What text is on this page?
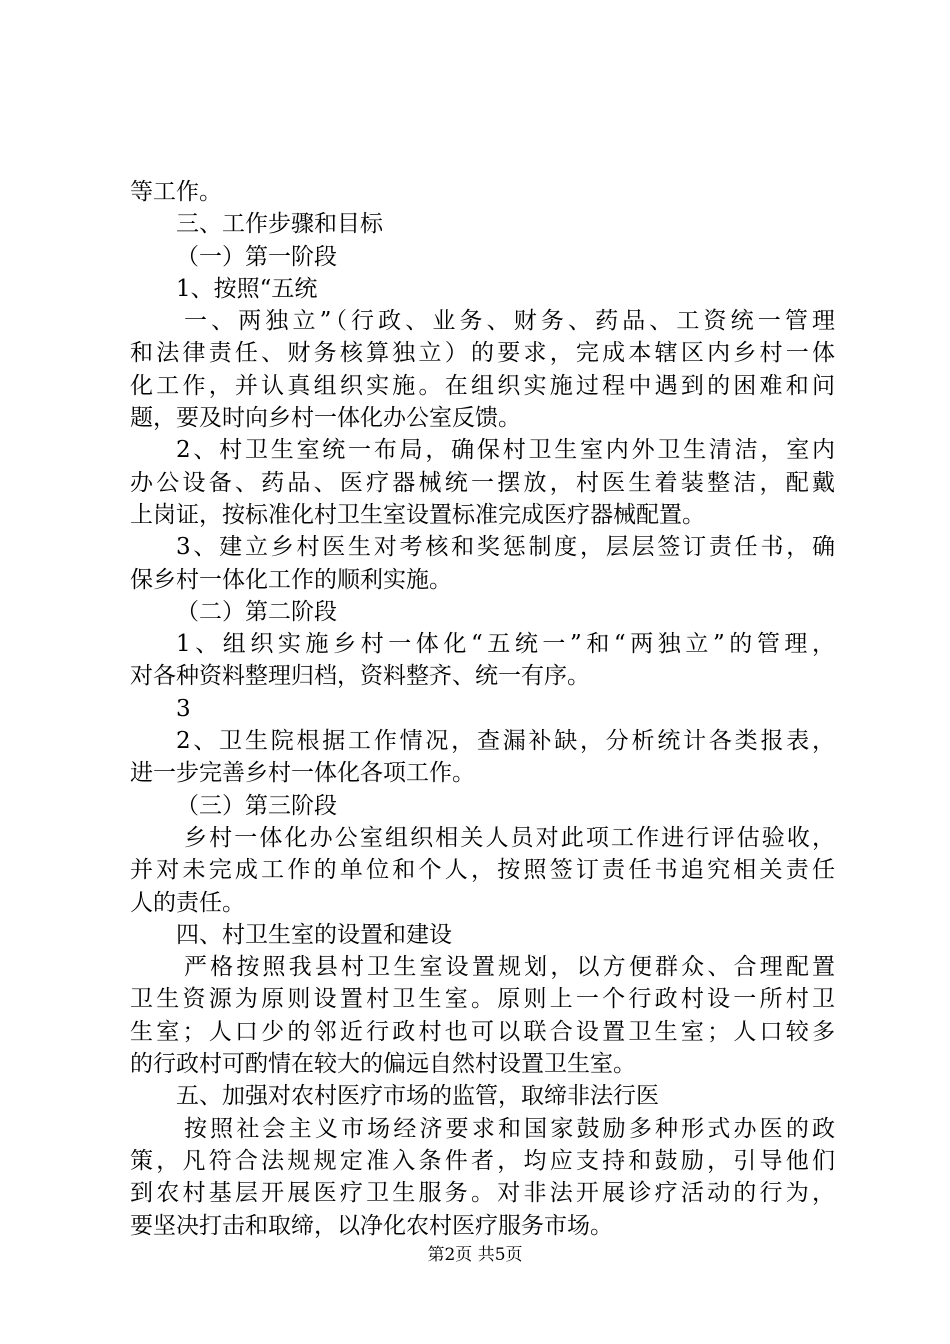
等工作。
三、工作步骤和目标
（一）第一阶段
1、按照“五统
一、两独立”（行政、业务、财务、药品、工资统一管理
和法律责任、财务核算独立）的要求，完成本辖区内乡村一体
化工作，并认真组织实施。在组织实施过程中遇到的困难和问
题，要及时向乡村一体化办公室反馈。
2、村卫生室统一布局，确保村卫生室内外卫生清洁，室内
办公设备、药品、医疗器械统一摆放，村医生着装整洁，配戴
上岗证，按标准化村卫生室设置标准完成医疗器械配置。
3、建立乡村医生对考核和奖惩制度，层层签订责任书，确
保乡村一体化工作的顺利实施。
（二）第二阶段
1、组织实施乡村一体化“五统一”和“两独立”的管理，
对各种资料整理归档，资料整齐、统一有序。
3
2、卫生院根据工作情况，查漏补缺，分析统计各类报表，
进一步完善乡村一体化各项工作。
（三）第三阶段
乡村一体化办公室组织相关人员对此项工作进行评估验收，
并对未完成工作的单位和个人，按照签订责任书追究相关责任
人的责任。
四、村卫生室的设置和建设
严格按照我县村卫生室设置规划，以方便群众、合理配置
卫生资源为原则设置村卫生室。原则上一个行政村设一所村卫
生室；人口少的邻近行政村也可以联合设置卫生室；人口较多
的行政村可酌情在较大的偏远自然村设置卫生室。
五、加强对农村医疗市场的监管，取缔非法行医
按照社会主义市场经济要求和国家鼓励多种形式办医的政
策，凡符合法规规定准入条件者，均应支持和鼓励，引导他们
到农村基层开展医疗卫生服务。对非法开展诊疗活动的行为，
要坚决打击和取缔，以净化农村医疗服务市场。
第2页 共5页
